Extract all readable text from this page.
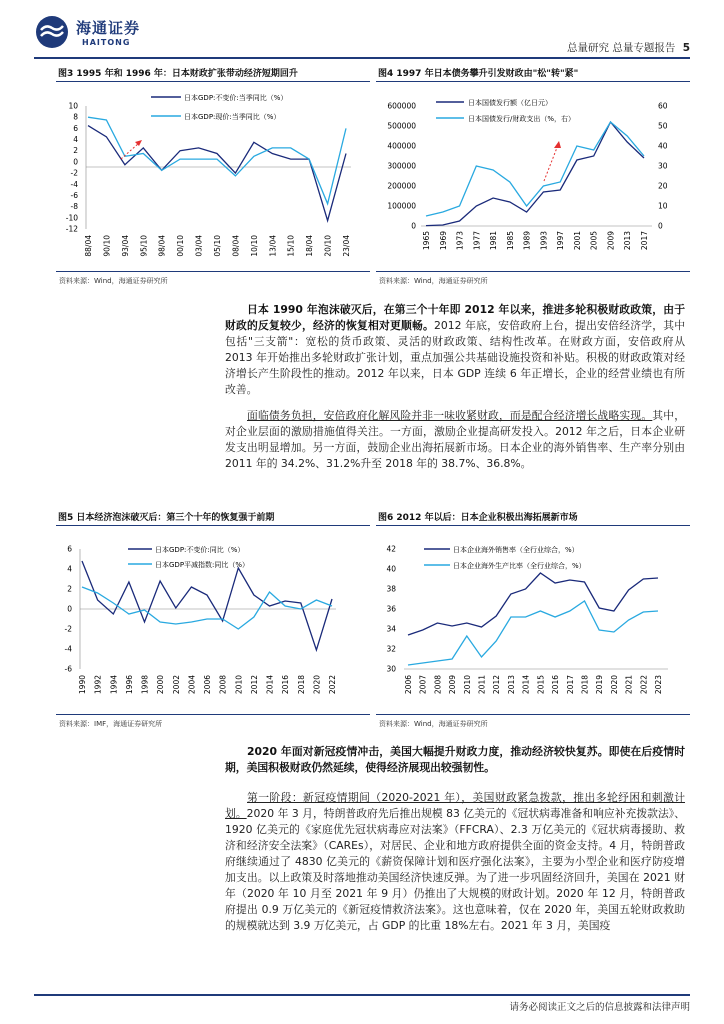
海通证券
HAITONG	总量研究 总量专题报告 5
图3 1995 年和 1996 年：日本财政扩张带动经济短期回升
10
8
6
4
2
0
-2
-4
-6
-8
-10
-12
日本GDP:不变价:当季同比（%）
日本GDP:现价:当季同比（%）
88/04 90/10 93/04 95/10 98/04 00/10 03/04 05/10 08/04 10/10 13/04 15/10 18/04 20/10 23/04
资料来源：Wind，海通证券研究所
图4 1997 年日本债务攀升引发财政由"松"转"紧"
600000
500000
400000
300000
200000
100000
0
60
50
40
30
20
10
0
日本国债发行额（亿日元）
日本国债发行/财政支出（%，右）
1965 1969 1973 1977 1981 1985 1989 1993 1997 2001 2005 2009 2013 2017
资料来源：Wind，海通证券研究所
日本 1990 年泡沫破灭后，在第三个十年即 2012 年以来，推进多轮积极财政政策，由于财政的反复较少，经济的恢复相对更顺畅。2012 年底，安倍政府上台，提出安倍经济学，其中包括"三支箭"：宽松的货币政策、灵活的财政政策、结构性改革。在财政方面，安倍政府从 2013 年开始推出多轮财政扩张计划，重点加强公共基础设施投资和补贴。积极的财政政策对经济增长产生阶段性的推动。2012 年以来，日本 GDP 连续 6 年正增长，企业的经营业绩也有所改善。
面临债务负担，安倍政府化解风险并非一味收紧财政，而是配合经济增长战略实现。其中，对企业层面的激励措施值得关注。一方面，激励企业提高研发投入。2012 年之后，日本企业研发支出明显增加。另一方面，鼓励企业出海拓展新市场。日本企业的海外销售率、生产率分别由 2011 年的 34.2%、31.2%升至 2018 年的 38.7%、36.8%。
图5 日本经济泡沫破灭后：第三个十年的恢复强于前期
6
4
2
0
-2
-4
-6
日本GDP:不变价:同比（%）
日本GDP平减指数:同比（%）
1990 1992 1994 1996 1998 2000 2002 2004 2006 2008 2010 2012 2014 2016 2018 2020 2022
资料来源：IMF，海通证券研究所
图6 2012 年以后：日本企业积极出海拓展新市场
42
40
38
36
34
32
30
日本企业海外销售率（全行业综合，%）
日本企业海外生产比率（全行业综合，%）
2006 2007 2008 2009 2010 2011 2012 2013 2014 2015 2016 2017 2018 2019 2020 2021 2022 2023
资料来源：Wind，海通证券研究所
2020 年面对新冠疫情冲击，美国大幅提升财政力度，推动经济较快复苏。即使在后疫情时期，美国积极财政仍然延续，使得经济展现出较强韧性。
第一阶段：新冠疫情期间（2020-2021 年），美国财政紧急拨款，推出多轮纾困和刺激计划。2020 年 3 月，特朗普政府先后推出规模 83 亿美元的《冠状病毒准备和响应补充拨款法》、1920 亿美元的《家庭优先冠状病毒应对法案》（FFCRA）、2.3 万亿美元的《冠状病毒援助、救济和经济安全法案》（CAREs），对居民、企业和地方政府提供全面的资金支持。4 月，特朗普政府继续通过了 4830 亿美元的《薪资保障计划和医疗强化法案》，主要为小型企业和医疗防疫增加支出。以上政策及时落地推动美国经济快速反弹。为了进一步巩固经济回升，美国在 2021 财年（2020 年 10 月至 2021 年 9 月）仍推出了大规模的财政计划。2020 年 12 月，特朗普政府提出 0.9 万亿美元的《新冠疫情救济法案》。这也意味着，仅在 2020 年，美国五轮财政救助的规模就达到 3.9 万亿美元，占 GDP 的比重 18%左右。2021 年 3 月，美国疫
请务必阅读正文之后的信息披露和法律声明
